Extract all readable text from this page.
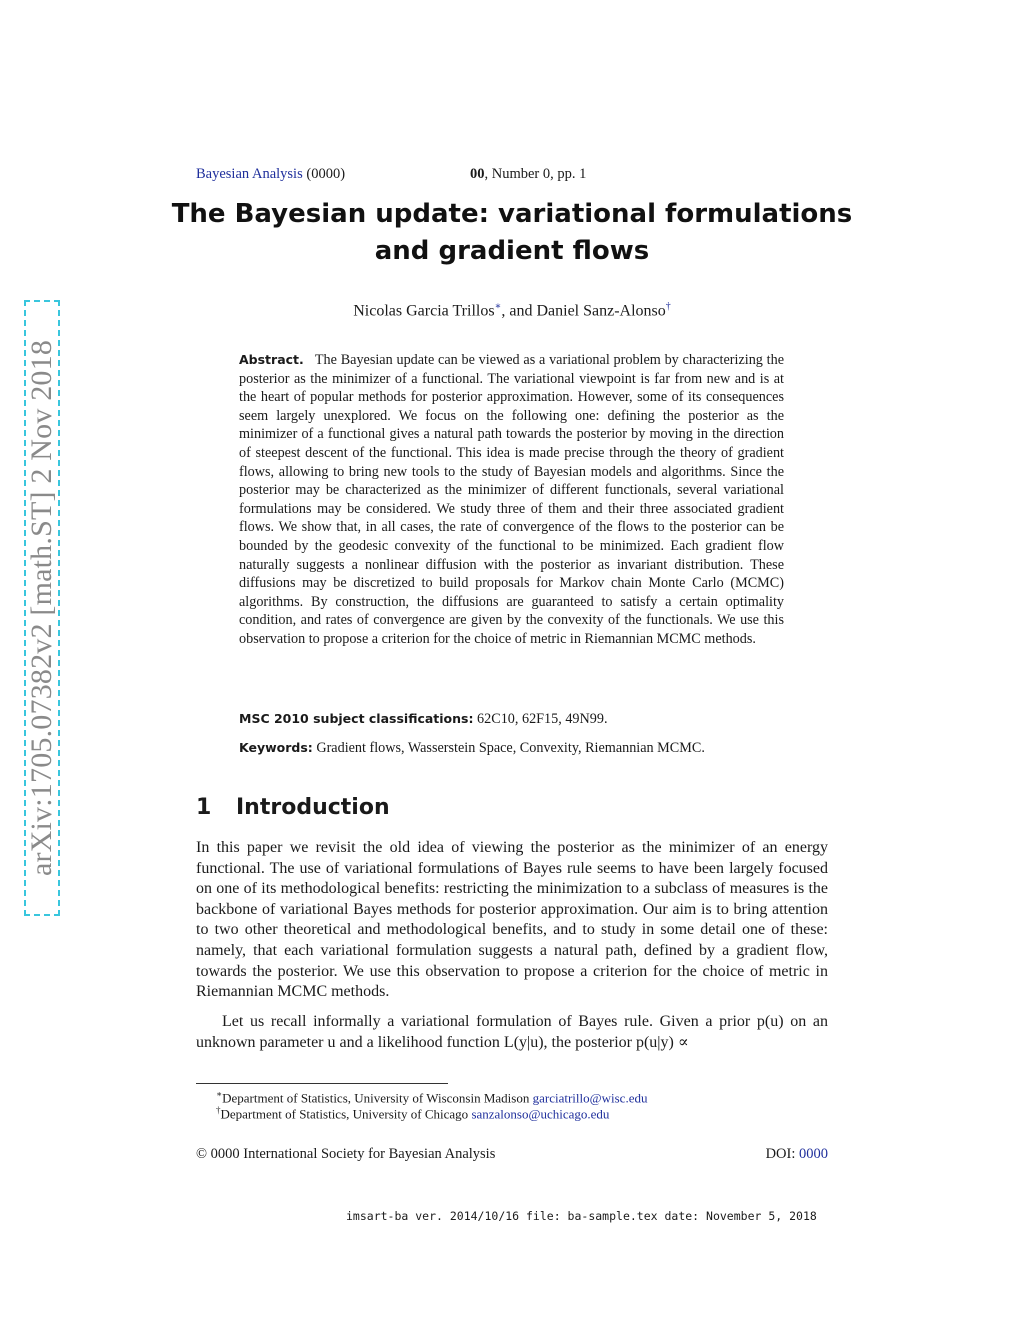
Bayesian Analysis (0000)	00, Number 0, pp. 1
The Bayesian update: variational formulations
and gradient flows
Nicolas Garcia Trillos∗, and Daniel Sanz-Alonso†
Abstract. The Bayesian update can be viewed as a variational problem by characterizing the posterior as the minimizer of a functional. The variational viewpoint is far from new and is at the heart of popular methods for posterior approximation. However, some of its consequences seem largely unexplored. We focus on the following one: defining the posterior as the minimizer of a functional gives a natural path towards the posterior by moving in the direction of steepest descent of the functional. This idea is made precise through the theory of gradient flows, allowing to bring new tools to the study of Bayesian models and algorithms. Since the posterior may be characterized as the minimizer of different functionals, several variational formulations may be considered. We study three of them and their three associated gradient flows. We show that, in all cases, the rate of convergence of the flows to the posterior can be bounded by the geodesic convexity of the functional to be minimized. Each gradient flow naturally suggests a nonlinear diffusion with the posterior as invariant distribution. These diffusions may be discretized to build proposals for Markov chain Monte Carlo (MCMC) algorithms. By construction, the diffusions are guaranteed to satisfy a certain optimality condition, and rates of convergence are given by the convexity of the functionals. We use this observation to propose a criterion for the choice of metric in Riemannian MCMC methods.
MSC 2010 subject classifications: 62C10, 62F15, 49N99.
Keywords: Gradient flows, Wasserstein Space, Convexity, Riemannian MCMC.
1 Introduction
In this paper we revisit the old idea of viewing the posterior as the minimizer of an energy functional. The use of variational formulations of Bayes rule seems to have been largely focused on one of its methodological benefits: restricting the minimization to a subclass of measures is the backbone of variational Bayes methods for posterior approximation. Our aim is to bring attention to two other theoretical and methodological benefits, and to study in some detail one of these: namely, that each variational formulation suggests a natural path, defined by a gradient flow, towards the posterior. We use this observation to propose a criterion for the choice of metric in Riemannian MCMC methods.
Let us recall informally a variational formulation of Bayes rule. Given a prior p(u) on an unknown parameter u and a likelihood function L(y|u), the posterior p(u|y) ∝
∗Department of Statistics, University of Wisconsin Madison garciatrillo@wisc.edu
†Department of Statistics, University of Chicago sanzalonso@uchicago.edu
© 0000 International Society for Bayesian Analysis	DOI: 0000
imsart-ba ver. 2014/10/16 file: ba-sample.tex date: November 5, 2018
arXiv:1705.07382v2 [math.ST] 2 Nov 2018
